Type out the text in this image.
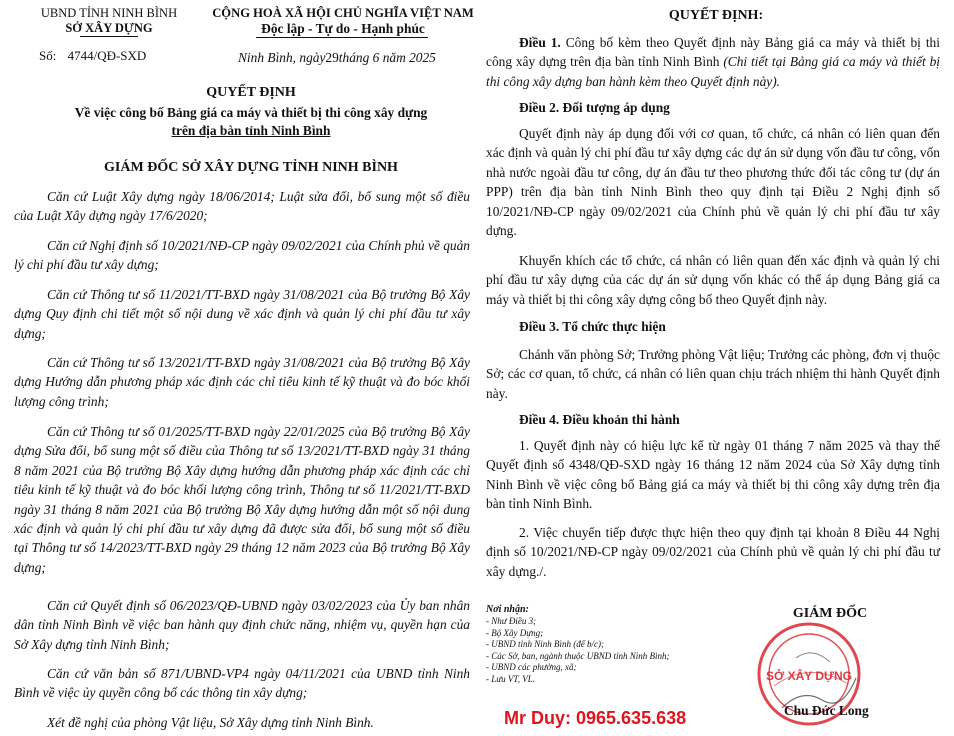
UBND TỈNH NINH BÌNH
SỞ XÂY DỰNG
Số: 4744/QĐ-SXD
CỘNG HOÀ XÃ HỘI CHỦ NGHĨA VIỆT NAM
Độc lập - Tự do - Hạnh phúc
Ninh Bình, ngày29tháng 6 năm 2025
QUYẾT ĐỊNH
Về việc công bố Bảng giá ca máy và thiết bị thi công xây dựng
trên địa bàn tỉnh Ninh Bình
GIÁM ĐỐC SỞ XÂY DỰNG TỈNH NINH BÌNH
Căn cứ Luật Xây dựng ngày 18/06/2014; Luật sửa đổi, bổ sung một số điều của Luật Xây dựng ngày 17/6/2020;
Căn cứ Nghị định số 10/2021/NĐ-CP ngày 09/02/2021 của Chính phủ về quản lý chi phí đầu tư xây dựng;
Căn cứ Thông tư số 11/2021/TT-BXD ngày 31/08/2021 của Bộ trưởng Bộ Xây dựng Quy định chi tiết một số nội dung về xác định và quản lý chi phí đầu tư xây dựng;
Căn cứ Thông tư số 13/2021/TT-BXD ngày 31/08/2021 của Bộ trưởng Bộ Xây dựng Hướng dẫn phương pháp xác định các chỉ tiêu kinh tế kỹ thuật và đo bóc khối lượng công trình;
Căn cứ Thông tư số 01/2025/TT-BXD ngày 22/01/2025 của Bộ trưởng Bộ Xây dựng Sửa đổi, bổ sung một số điều của Thông tư số 13/2021/TT-BXD ngày 31 tháng 8 năm 2021 của Bộ trưởng Bộ Xây dựng hướng dẫn phương pháp xác định các chỉ tiêu kinh tế kỹ thuật và đo bóc khối lượng công trình, Thông tư số 11/2021/TT-BXD ngày 31 tháng 8 năm 2021 của Bộ trưởng Bộ Xây dựng hướng dẫn một số nội dung xác định và quản lý chi phí đầu tư xây dựng đã được sửa đổi, bổ sung một số điều tại Thông tư số 14/2023/TT-BXD ngày 29 tháng 12 năm 2023 của Bộ trưởng Bộ Xây dựng;
Căn cứ Quyết định số 06/2023/QĐ-UBND ngày 03/02/2023 của Ủy ban nhân dân tỉnh Ninh Bình về việc ban hành quy định chức năng, nhiệm vụ, quyền hạn của Sở Xây dựng tỉnh Ninh Bình;
Căn cứ văn bản số 871/UBND-VP4 ngày 04/11/2021 của UBND tỉnh Ninh Bình về việc ủy quyền công bố các thông tin xây dựng;
Xét đề nghị của phòng Vật liệu, Sở Xây dựng tỉnh Ninh Bình.
QUYẾT ĐỊNH:
Điều 1. Công bố kèm theo Quyết định này Bảng giá ca máy và thiết bị thi công xây dựng trên địa bàn tỉnh Ninh Bình (Chi tiết tại Bảng giá ca máy và thiết bị thi công xây dựng ban hành kèm theo Quyết định này).
Điều 2. Đối tượng áp dụng
Quyết định này áp dụng đối với cơ quan, tổ chức, cá nhân có liên quan đến xác định và quản lý chi phí đầu tư xây dựng các dự án sử dụng vốn đầu tư công, vốn nhà nước ngoài đầu tư công, dự án đầu tư theo phương thức đối tác công tư (dự án PPP) trên địa bàn tỉnh Ninh Bình theo quy định tại Điều 2 Nghị định số 10/2021/NĐ-CP ngày 09/02/2021 của Chính phủ về quản lý chi phí đầu tư xây dựng.
Khuyến khích các tổ chức, cá nhân có liên quan đến xác định và quản lý chi phí đầu tư xây dựng của các dự án sử dụng vốn khác có thể áp dụng Bảng giá ca máy và thiết bị thi công xây dựng công bố theo Quyết định này.
Điều 3. Tổ chức thực hiện
Chánh văn phòng Sở; Trưởng phòng Vật liệu; Trưởng các phòng, đơn vị thuộc Sở; các cơ quan, tổ chức, cá nhân có liên quan chịu trách nhiệm thi hành Quyết định này.
Điều 4. Điều khoản thi hành
1. Quyết định này có hiệu lực kể từ ngày 01 tháng 7 năm 2025 và thay thế Quyết định số 4348/QĐ-SXD ngày 16 tháng 12 năm 2024 của Sở Xây dựng tỉnh Ninh Bình về việc công bố Bảng giá ca máy và thiết bị thi công xây dựng trên địa bàn tỉnh Ninh Bình.
2. Việc chuyển tiếp được thực hiện theo quy định tại khoản 8 Điều 44 Nghị định số 10/2021/NĐ-CP ngày 09/02/2021 của Chính phủ về quản lý chi phí đầu tư xây dựng./.
Nơi nhận:
- Như Điều 3;
- Bộ Xây Dựng;
- UBND tỉnh Ninh Bình (để b/c);
- Các Sở, ban, ngành thuộc UBND tỉnh Ninh Bình;
- UBND các phường, xã;
- Lưu VT, VL.
GIÁM ĐỐC
SỞ XÂY DỰNG
Chu Đức Long
Mr Duy: 0965.635.638
